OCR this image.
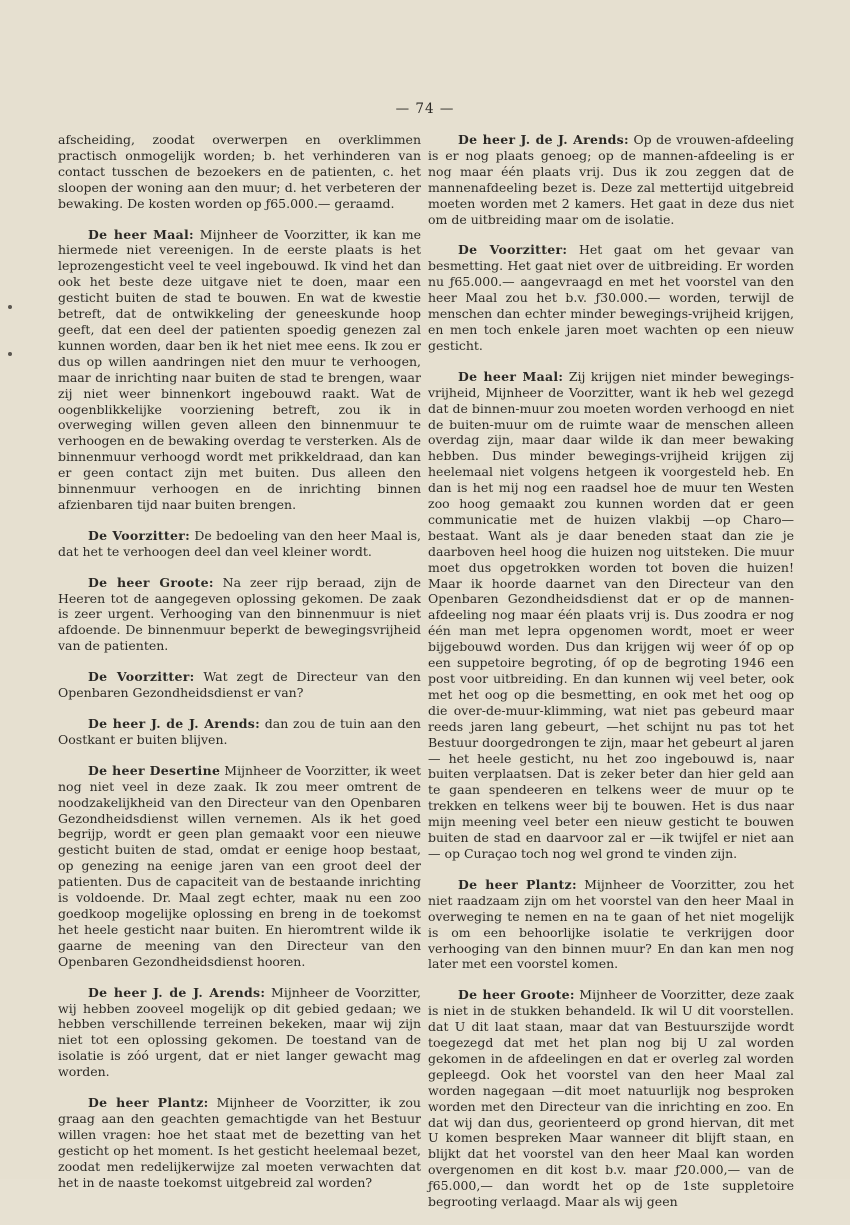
— 74 —

afscheiding, zoodat overwerpen en overklimmen practisch onmogelijk worden; b. het verhinderen van contact tusschen de bezoekers en de patienten, c. het sloopen der woning aan den muur; d. het verbeteren der bewaking. De kosten worden op ƒ65.000.— geraamd.

De heer Maal: Mijnheer de Voorzitter, ik kan me hiermede niet vereenigen. In de eerste plaats is het leprozengesticht veel te veel ingebouwd. Ik vind het dan ook het beste deze uitgave niet te doen, maar een gesticht buiten de stad te bouwen. En wat de kwestie betreft, dat de ontwikkeling der geneeskunde hoop geeft, dat een deel der patienten spoedig genezen zal kunnen worden, daar ben ik het niet mee eens. Ik zou er dus op willen aandringen niet den muur te verhoogen, maar de inrichting naar buiten de stad te brengen, waar zij niet weer binnenkort ingebouwd raakt. Wat de oogenblikkelijke voorziening betreft, zou ik in overweging willen geven alleen den binnenmuur te verhoogen en de bewaking overdag te versterken. Als de binnenmuur verhoogd wordt met prikkeldraad, dan kan er geen contact zijn met buiten. Dus alleen den binnenmuur verhoogen en de inrichting binnen afzienbaren tijd naar buiten brengen.

De Voorzitter: De bedoeling van den heer Maal is, dat het te verhoogen deel dan veel kleiner wordt.

De heer Groote: Na zeer rijp beraad, zijn de Heeren tot de aangegeven oplossing gekomen. De zaak is zeer urgent. Verhooging van den binnenmuur is niet afdoende. De binnenmuur beperkt de bewegingsvrijheid van de patienten.

De Voorzitter: Wat zegt de Directeur van den Openbaren Gezondheidsdienst er van?

De heer J. de J. Arends: dan zou de tuin aan den Oostkant er buiten blijven.

De heer Desertine Mijnheer de Voorzitter, ik weet nog niet veel in deze zaak. Ik zou meer omtrent de noodzakelijkheid van den Directeur van den Openbaren Gezondheidsdienst willen vernemen. Als ik het goed begrijp, wordt er geen plan gemaakt voor een nieuwe gesticht buiten de stad, omdat er eenige hoop bestaat, op genezing na eenige jaren van een groot deel der patienten. Dus de capaciteit van de bestaande inrichting is voldoende. Dr. Maal zegt echter, maak nu een zoo goedkoop mogelijke oplossing en breng in de toekomst het heele gesticht naar buiten. En hieromtrent wilde ik gaarne de meening van den Directeur van den Openbaren Gezondheidsdienst hooren.

De heer J. de J. Arends: Mijnheer de Voorzitter, wij hebben zooveel mogelijk op dit gebied gedaan; we hebben verschillende terreinen bekeken, maar wij zijn niet tot een oplossing gekomen. De toestand van de isolatie is zóó urgent, dat er niet langer gewacht mag worden.

De heer Plantz: Mijnheer de Voorzitter, ik zou graag aan den geachten gemachtigde van het Bestuur willen vragen: hoe het staat met de bezetting van het gesticht op het moment. Is het gesticht heelemaal bezet, zoodat men redelijkerwijze zal moeten verwachten dat het in de naaste toekomst uitgebreid zal worden?

De heer J. de J. Arends: Op de vrouwen-afdeeling is er nog plaats genoeg; op de mannen-afdeeling is er nog maar één plaats vrij. Dus ik zou zeggen dat de mannenafdeeling bezet is. Deze zal mettertijd uitgebreid moeten worden met 2 kamers. Het gaat in deze dus niet om de uitbreiding maar om de isolatie.

De Voorzitter: Het gaat om het gevaar van besmetting. Het gaat niet over de uitbreiding. Er worden nu ƒ65.000.— aangevraagd en met het voorstel van den heer Maal zou het b.v. ƒ30.000.— worden, terwijl de menschen dan echter minder bewegings-vrijheid krijgen, en men toch enkele jaren moet wachten op een nieuw gesticht.

De heer Maal: Zij krijgen niet minder bewegings-vrijheid, Mijnheer de Voorzitter, want ik heb wel gezegd dat de binnen-muur zou moeten worden verhoogd en niet de buiten-muur om de ruimte waar de menschen alleen overdag zijn, maar daar wilde ik dan meer bewaking hebben. Dus minder bewegings-vrijheid krijgen zij heelemaal niet volgens hetgeen ik voorgesteld heb. En dan is het mij nog een raadsel hoe de muur ten Westen zoo hoog gemaakt zou kunnen worden dat er geen communicatie met de huizen vlakbij —op Charo— bestaat. Want als je daar beneden staat dan zie je daarboven heel hoog die huizen nog uitsteken. Die muur moet dus opgetrokken worden tot boven die huizen! Maar ik hoorde daarnet van den Directeur van den Openbaren Gezondheidsdienst dat er op de mannen-afdeeling nog maar één plaats vrij is. Dus zoodra er nog één man met lepra opgenomen wordt, moet er weer bijgebouwd worden. Dus dan krijgen wij weer óf op op een suppetoire begroting, óf op de begroting 1946 een post voor uitbreiding. En dan kunnen wij veel beter, ook met het oog op die besmetting, en ook met het oog op die over-de-muur-klimming, wat niet pas gebeurd maar reeds jaren lang gebeurt, —het schijnt nu pas tot het Bestuur doorgedrongen te zijn, maar het gebeurt al jaren— het heele gesticht, nu het zoo ingebouwd is, naar buiten verplaatsen. Dat is zeker beter dan hier geld aan te gaan spendeeren en telkens weer de muur op te trekken en telkens weer bij te bouwen. Het is dus naar mijn meening veel beter een nieuw gesticht te bouwen buiten de stad en daarvoor zal er —ik twijfel er niet aan— op Curaçao toch nog wel grond te vinden zijn.

De heer Plantz: Mijnheer de Voorzitter, zou het niet raadzaam zijn om het voorstel van den heer Maal in overweging te nemen en na te gaan of het niet mogelijk is om een behoorlijke isolatie te verkrijgen door verhooging van den binnen muur? En dan kan men nog later met een voorstel komen.

De heer Groote: Mijnheer de Voorzitter, deze zaak is niet in de stukken behandeld. Ik wil U dit voorstellen. dat U dit laat staan, maar dat van Bestuurszijde wordt toegezegd dat met het plan nog bij U zal worden gekomen in de afdeelingen en dat er overleg zal worden gepleegd. Ook het voorstel van den heer Maal zal worden nagegaan —dit moet natuurlijk nog besproken worden met den Directeur van die inrichting en zoo. En dat wij dan dus, georienteerd op grond hiervan, dit met U komen bespreken Maar wanneer dit blijft staan, en blijkt dat het voorstel van den heer Maal kan worden overgenomen en dit kost b.v. maar ƒ20.000,— van de ƒ65.000,— dan wordt het op de 1ste suppletoire begrooting verlaagd. Maar als wij geen
